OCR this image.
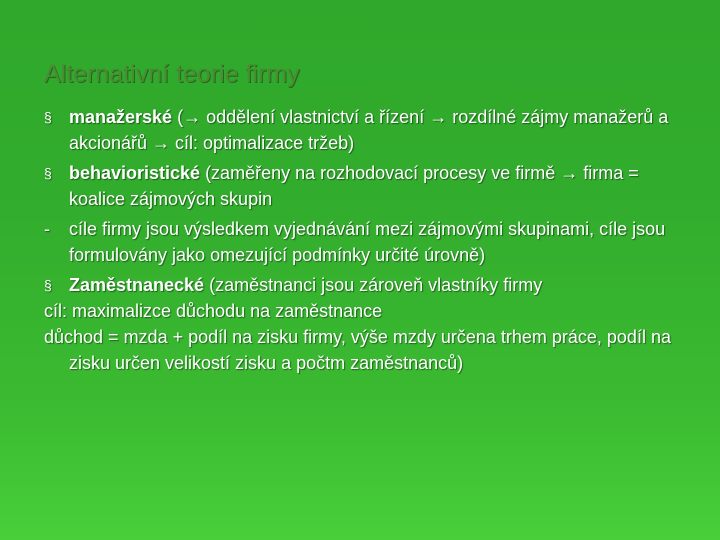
Alternativní teorie firmy
§ manažerské (→ oddělení vlastnictví a řízení → rozdílné zájmy manažerů a akcionářů → cíl: optimalizace tržeb)
§ behavioristické (zaměřeny na rozhodovací procesy ve firmě → firma = koalice zájmových skupin
-	cíle firmy jsou výsledkem vyjednávání mezi zájmovými skupinami, cíle jsou formulovány jako omezující podmínky určité úrovně)
§ Zaměstnanecké (zaměstnanci jsou zároveň vlastníky firmy
cíl: maximalizce důchodu na zaměstnance
důchod = mzda + podíl na zisku firmy, výše mzdy určena trhem práce, podíl na zisku určen velikostí zisku a počtm zaměstnanců)
